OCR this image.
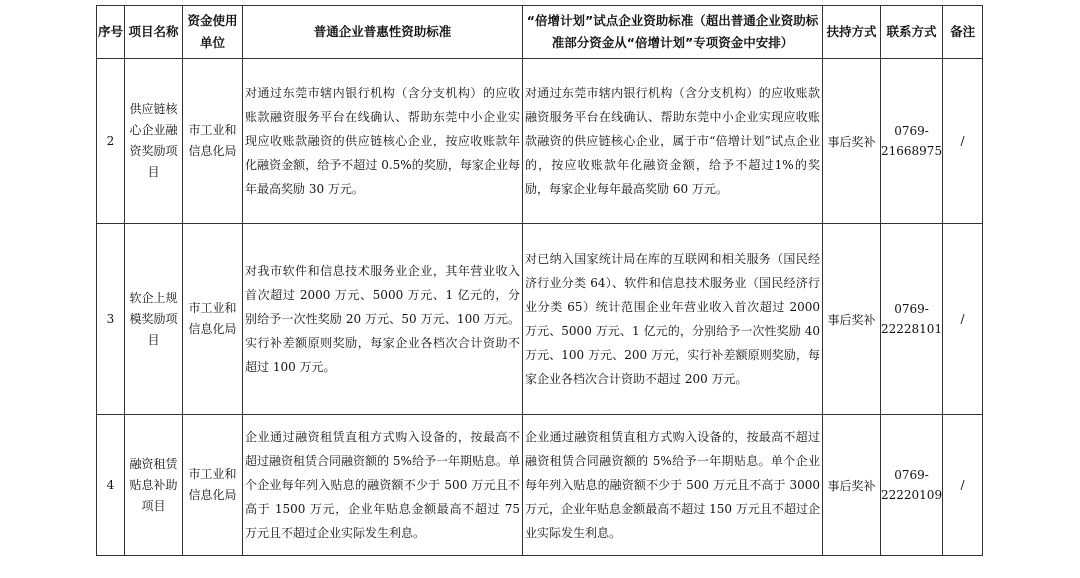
序号	项目名称	资金使用单位	普通企业普惠性资助标准	“倍增计划”试点企业资助标准（超出普通企业资助标准部分资金从“倍增计划”专项资金中安排）	扶持方式	联系方式	备注
2	供应链核心企业融资奖励项目	市工业和信息化局	对通过东莞市辖内银行机构（含分支机构）的应收账款融资服务平台在线确认、帮助东莞中小企业实现应收账款融资的供应链核心企业，按应收账款年化融资金额，给予不超过 0.5%的奖励，每家企业每年最高奖励 30 万元。	对通过东莞市辖内银行机构（含分支机构）的应收账款融资服务平台在线确认、帮助东莞中小企业实现应收账款融资的供应链核心企业，属于市“倍增计划”试点企业的，按应收账款年化融资金额，给予不超过1%的奖励，每家企业每年最高奖励 60 万元。	事后奖补	0769-21668975	/
3	软企上规模奖励项目	市工业和信息化局	对我市软件和信息技术服务业企业，其年营业收入首次超过 2000 万元、5000 万元、1 亿元的，分别给予一次性奖励 20 万元、50 万元、100 万元。实行补差额原则奖励，每家企业各档次合计资助不超过 100 万元。	对已纳入国家统计局在库的互联网和相关服务（国民经济行业分类 64）、软件和信息技术服务业（国民经济行业分类 65）统计范围企业年营业收入首次超过 2000 万元、5000 万元、1 亿元的，分别给予一次性奖励 40 万元、100 万元、200 万元，实行补差额原则奖励，每家企业各档次合计资助不超过 200 万元。	事后奖补	0769-22228101	/
4	融资租赁贴息补助项目	市工业和信息化局	企业通过融资租赁直租方式购入设备的，按最高不超过融资租赁合同融资额的 5%给予一年期贴息。单个企业每年列入贴息的融资额不少于 500 万元且不高于 1500 万元，企业年贴息金额最高不超过 75 万元且不超过企业实际发生利息。	企业通过融资租赁直租方式购入设备的，按最高不超过融资租赁合同融资额的 5%给予一年期贴息。单个企业每年列入贴息的融资额不少于 500 万元且不高于 3000 万元，企业年贴息金额最高不超过 150 万元且不超过企业实际发生利息。	事后奖补	0769-22220109	/
